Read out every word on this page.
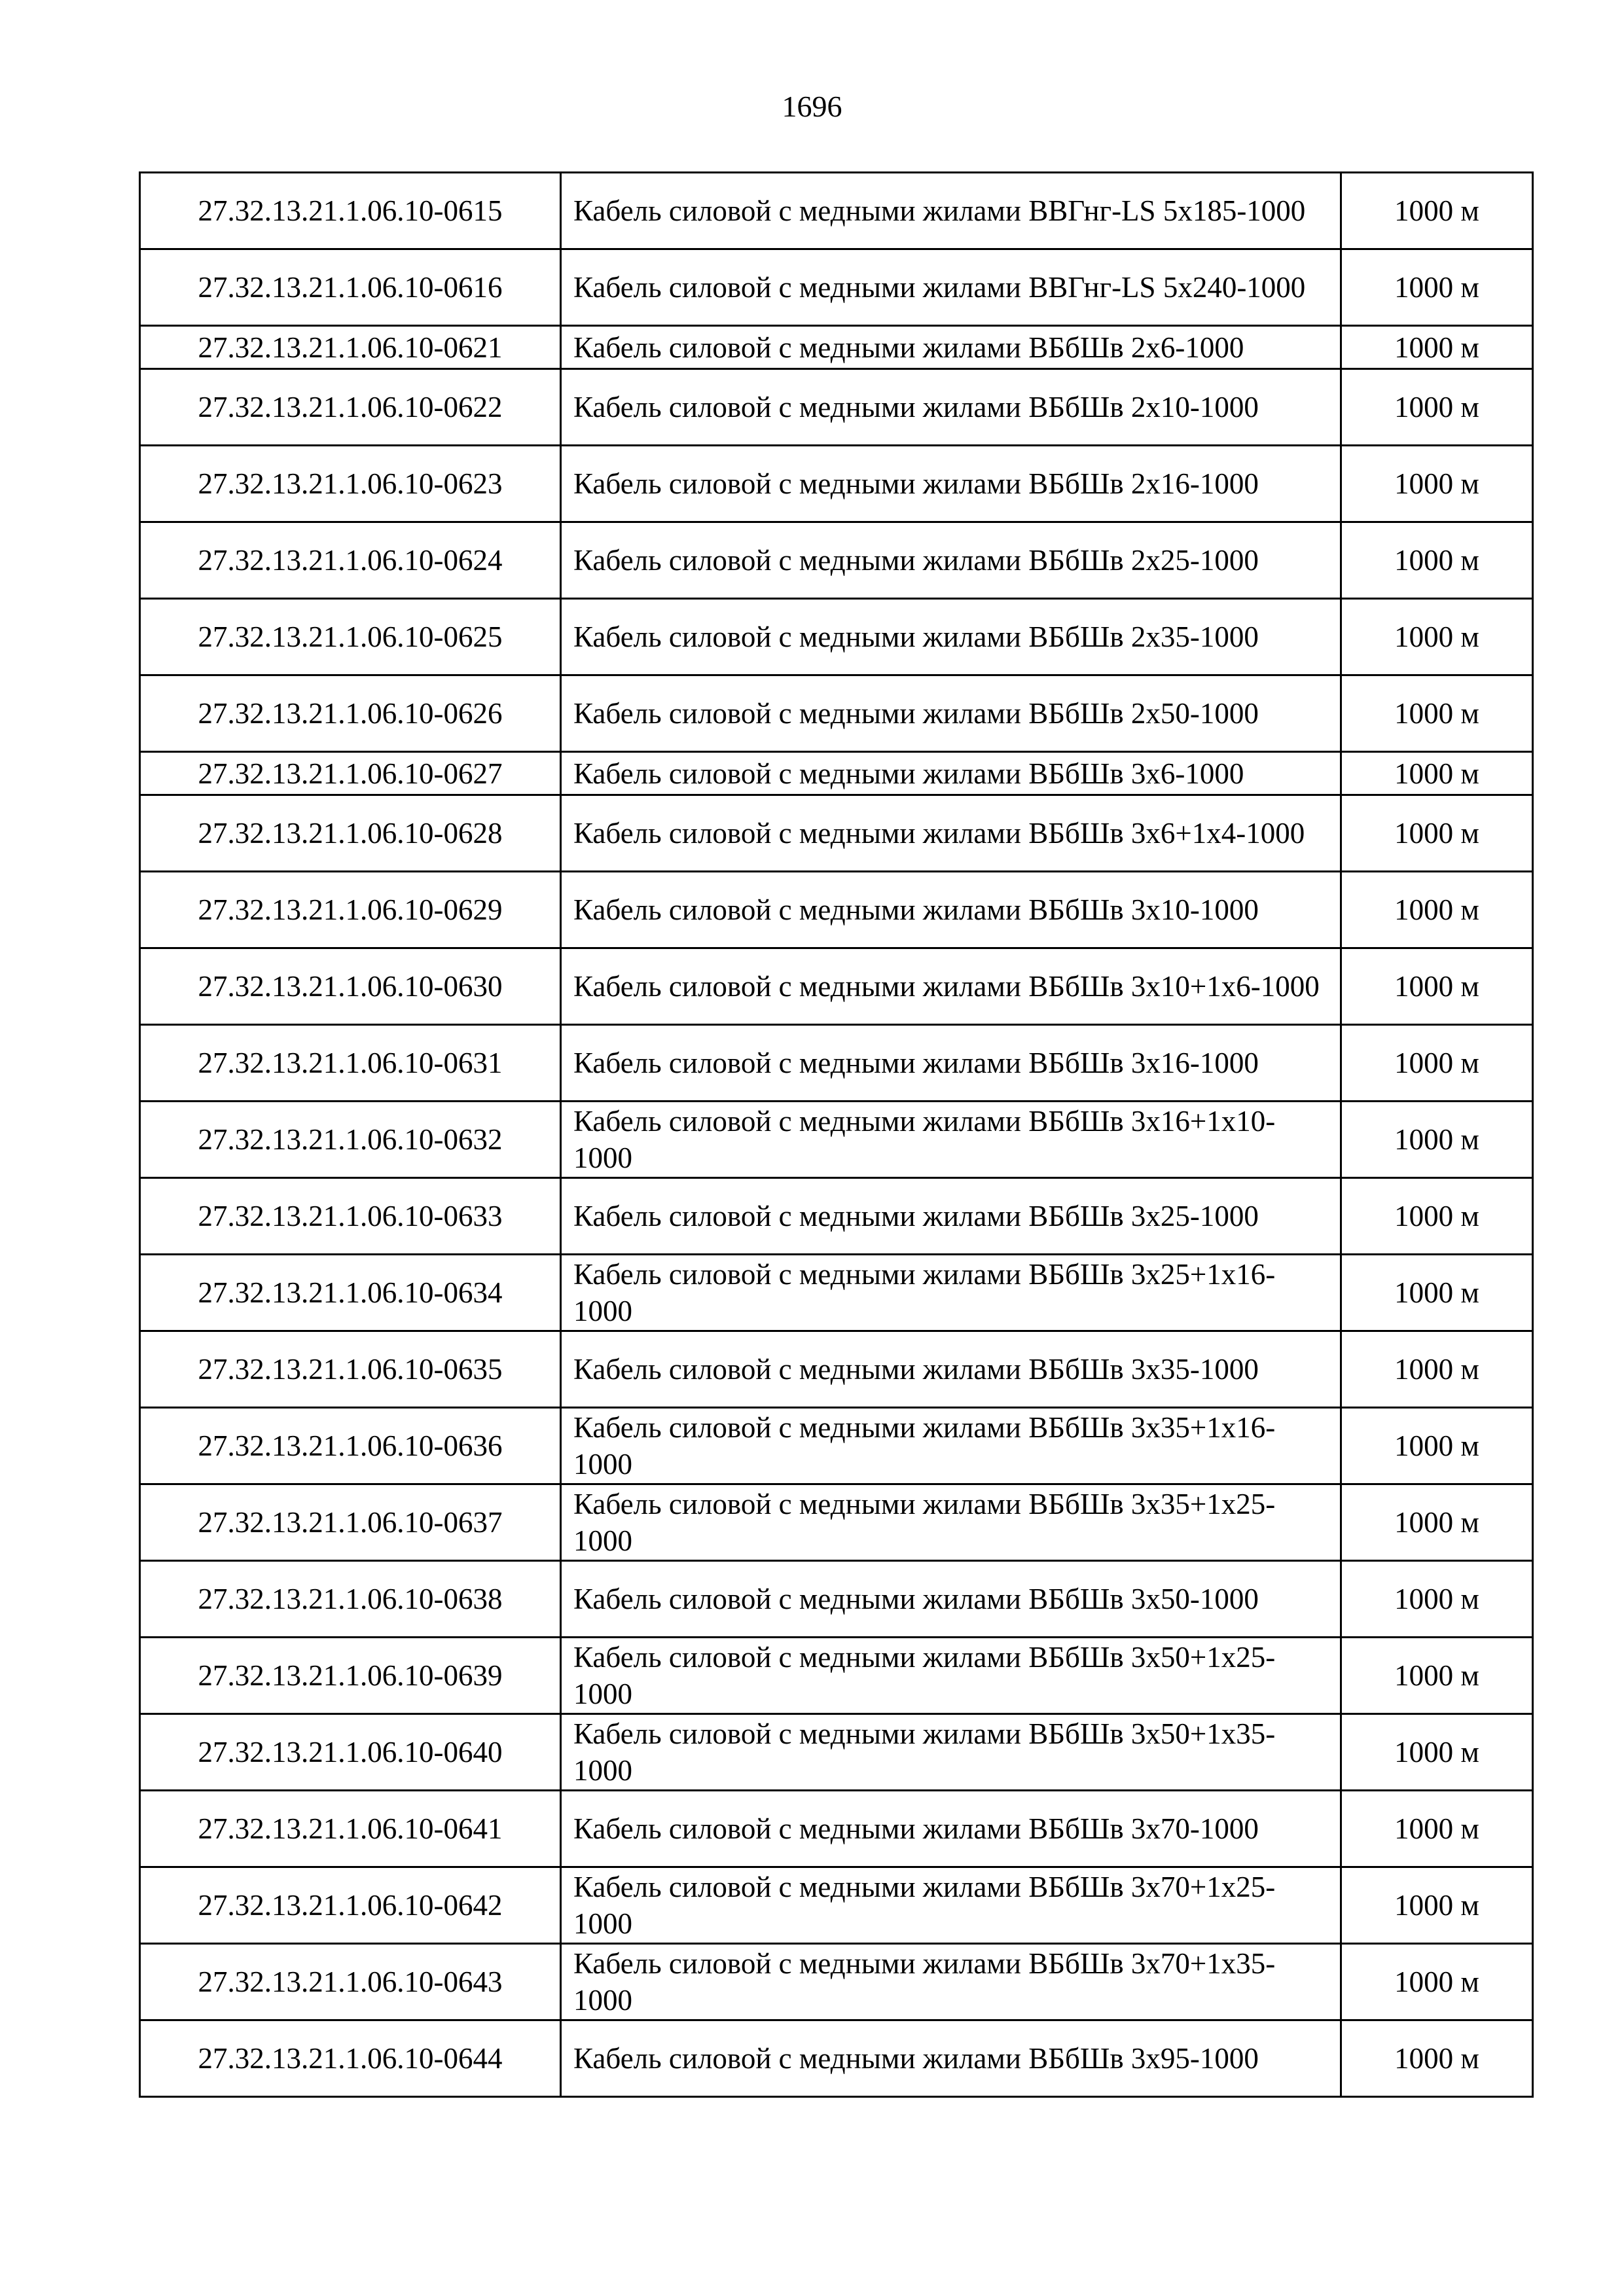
1696
27.32.13.21.1.06.10-0615	Кабель силовой с медными жилами ВВГнг-LS 5х185-1000	1000 м
27.32.13.21.1.06.10-0616	Кабель силовой с медными жилами ВВГнг-LS 5х240-1000	1000 м
27.32.13.21.1.06.10-0621	Кабель силовой с медными жилами ВБбШв 2х6-1000	1000 м
27.32.13.21.1.06.10-0622	Кабель силовой с медными жилами ВБбШв 2х10-1000	1000 м
27.32.13.21.1.06.10-0623	Кабель силовой с медными жилами ВБбШв 2х16-1000	1000 м
27.32.13.21.1.06.10-0624	Кабель силовой с медными жилами ВБбШв 2х25-1000	1000 м
27.32.13.21.1.06.10-0625	Кабель силовой с медными жилами ВБбШв 2х35-1000	1000 м
27.32.13.21.1.06.10-0626	Кабель силовой с медными жилами ВБбШв 2х50-1000	1000 м
27.32.13.21.1.06.10-0627	Кабель силовой с медными жилами ВБбШв 3х6-1000	1000 м
27.32.13.21.1.06.10-0628	Кабель силовой с медными жилами ВБбШв 3х6+1х4-1000	1000 м
27.32.13.21.1.06.10-0629	Кабель силовой с медными жилами ВБбШв 3х10-1000	1000 м
27.32.13.21.1.06.10-0630	Кабель силовой с медными жилами ВБбШв 3х10+1х6-1000	1000 м
27.32.13.21.1.06.10-0631	Кабель силовой с медными жилами ВБбШв 3х16-1000	1000 м
27.32.13.21.1.06.10-0632	Кабель силовой с медными жилами ВБбШв 3х16+1х10-1000	1000 м
27.32.13.21.1.06.10-0633	Кабель силовой с медными жилами ВБбШв 3х25-1000	1000 м
27.32.13.21.1.06.10-0634	Кабель силовой с медными жилами ВБбШв 3х25+1х16-1000	1000 м
27.32.13.21.1.06.10-0635	Кабель силовой с медными жилами ВБбШв 3х35-1000	1000 м
27.32.13.21.1.06.10-0636	Кабель силовой с медными жилами ВБбШв 3х35+1х16-1000	1000 м
27.32.13.21.1.06.10-0637	Кабель силовой с медными жилами ВБбШв 3х35+1х25-1000	1000 м
27.32.13.21.1.06.10-0638	Кабель силовой с медными жилами ВБбШв 3х50-1000	1000 м
27.32.13.21.1.06.10-0639	Кабель силовой с медными жилами ВБбШв 3х50+1х25-1000	1000 м
27.32.13.21.1.06.10-0640	Кабель силовой с медными жилами ВБбШв 3х50+1х35-1000	1000 м
27.32.13.21.1.06.10-0641	Кабель силовой с медными жилами ВБбШв 3х70-1000	1000 м
27.32.13.21.1.06.10-0642	Кабель силовой с медными жилами ВБбШв 3х70+1х25-1000	1000 м
27.32.13.21.1.06.10-0643	Кабель силовой с медными жилами ВБбШв 3х70+1х35-1000	1000 м
27.32.13.21.1.06.10-0644	Кабель силовой с медными жилами ВБбШв 3х95-1000	1000 м
